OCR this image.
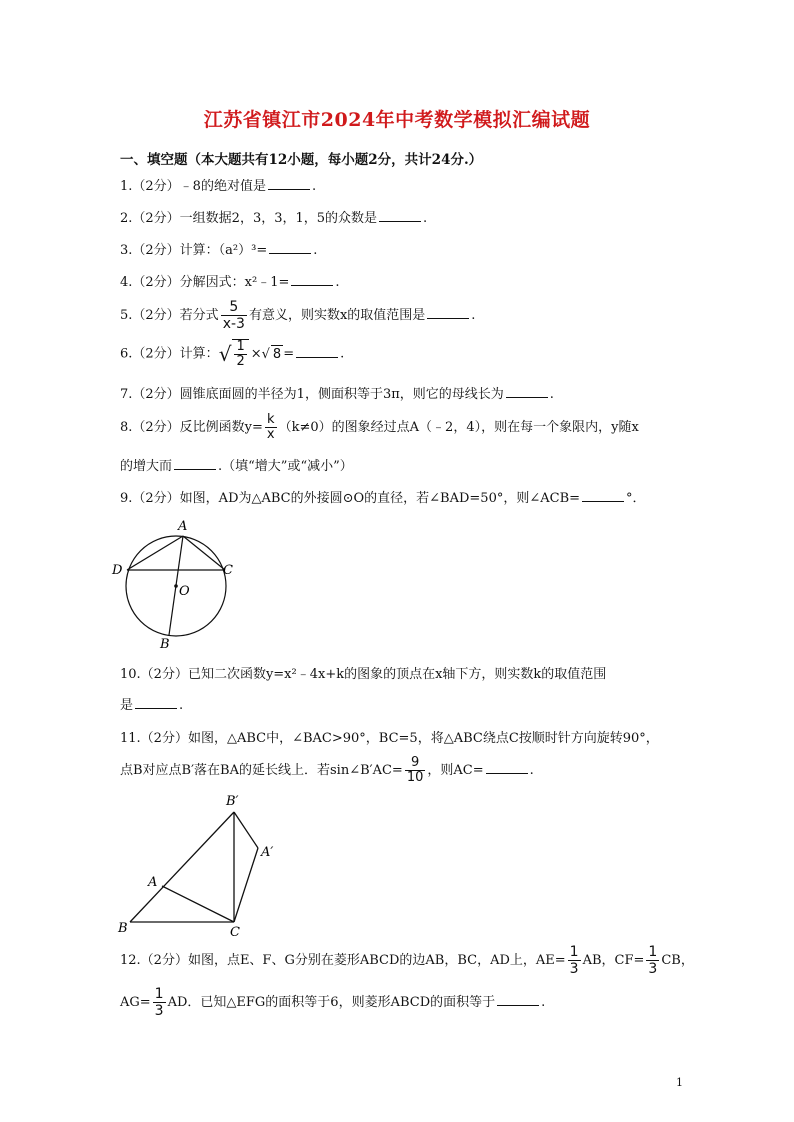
江苏省镇江市2024年中考数学模拟汇编试题
一、填空题（本大题共有12小题，每小题2分，共计24分.）
1.（2分）﹣8的绝对值是	.
2.（2分）一组数据2，3，3，1，5的众数是	.
3.（2分）计算：（a²）³=	.
4.（2分）分解因式：x²﹣1=	.
5.（2分）若分式 $\frac{5}{x-3}$ 有意义，则实数x的取值范围是	.
6.（2分）计算：√ $\frac{1}{2}$ ×√ 8 =	.
7.（2分）圆锥底面圆的半径为1，侧面积等于3π，则它的母线长为	.
8.（2分）反比例函数$y= \frac{k}{x} (k\ne 0)$的图象经过点A（﹣2，4），则在每一个象限内，y随x
的增大而	.（填“增大”或“减小”）
9.（2分）如图，AD为△ABC的外接圆⊙O的直径，若∠BAD=50°，则∠ACB=	°．
A
D	C
O
B
10.（2分）已知二次函数y=x²﹣4x+k的图象的顶点在x轴下方，则实数k的取值范围
是	.
11.（2分）如图，△ABC中，∠BAC>90°，BC=5，将△ABC绕点C按顺时针方向旋转90°，
点B对应点B′落在BA的延长线上．若sin∠B′AC= $\frac{9}{10}$ ，则AC=	.
B′
A′
A
B	C
12.（2分）如图，点E、F、G分别在菱形ABCD的边AB，BC，AD上，$AE= \frac{1}{3}$ AB，$CF= \frac{1}{3}$ CB，
$AG= \frac{1}{3}$ AD．已知△EFG的面积等于6，则菱形ABCD的面积等于	.
1
